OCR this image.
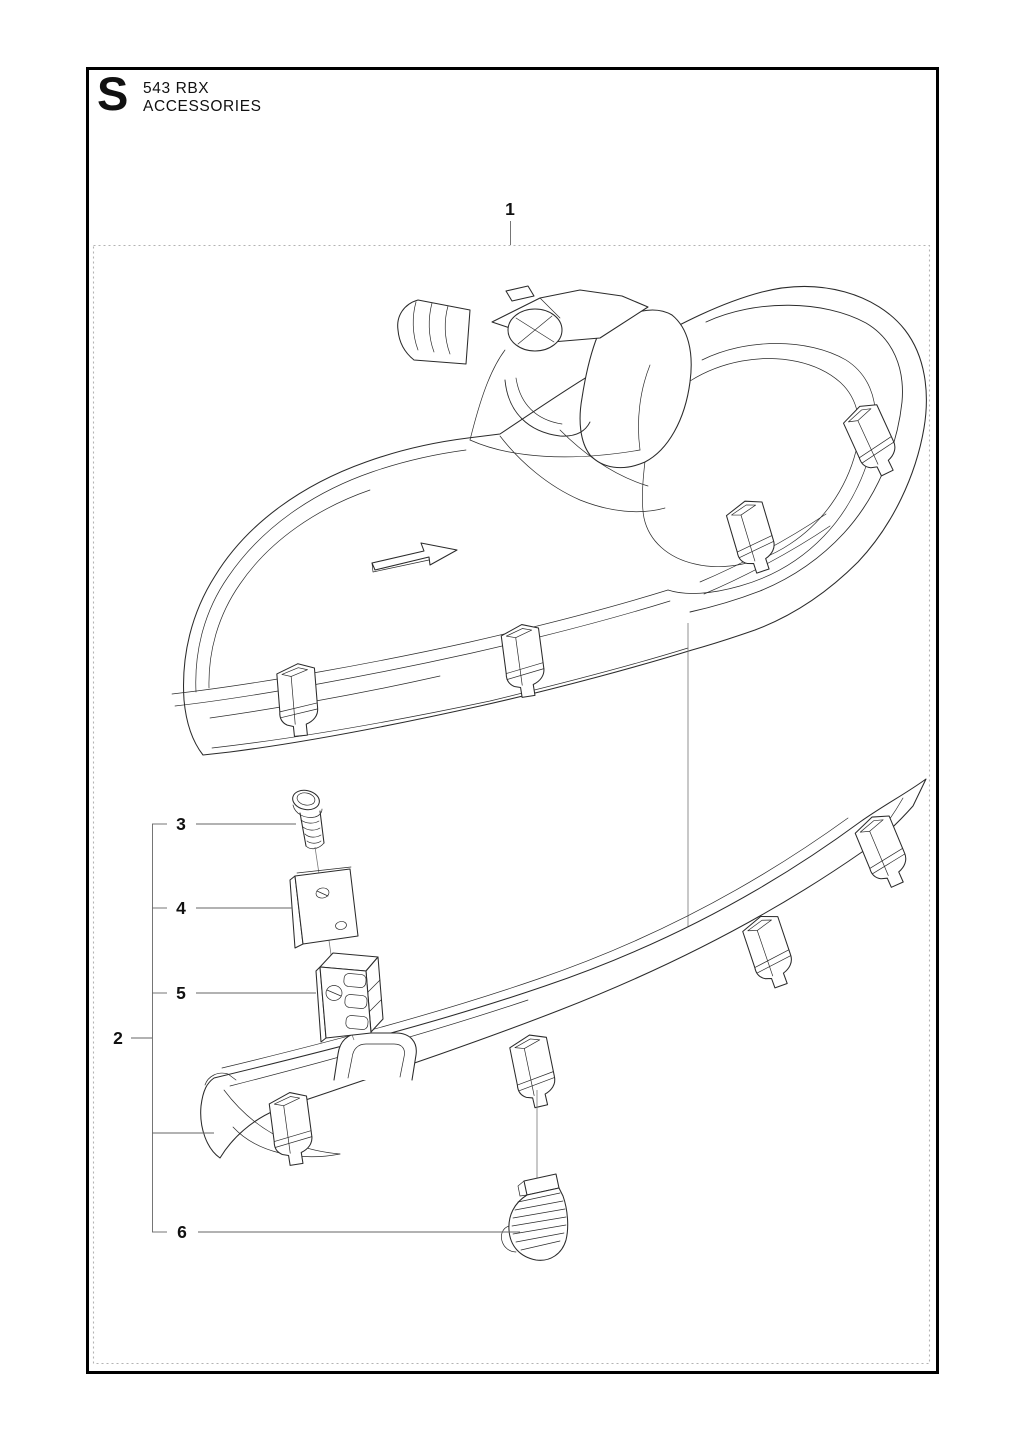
S 543 RBX
ACCESSORIES
1
3
4
5
2
6
